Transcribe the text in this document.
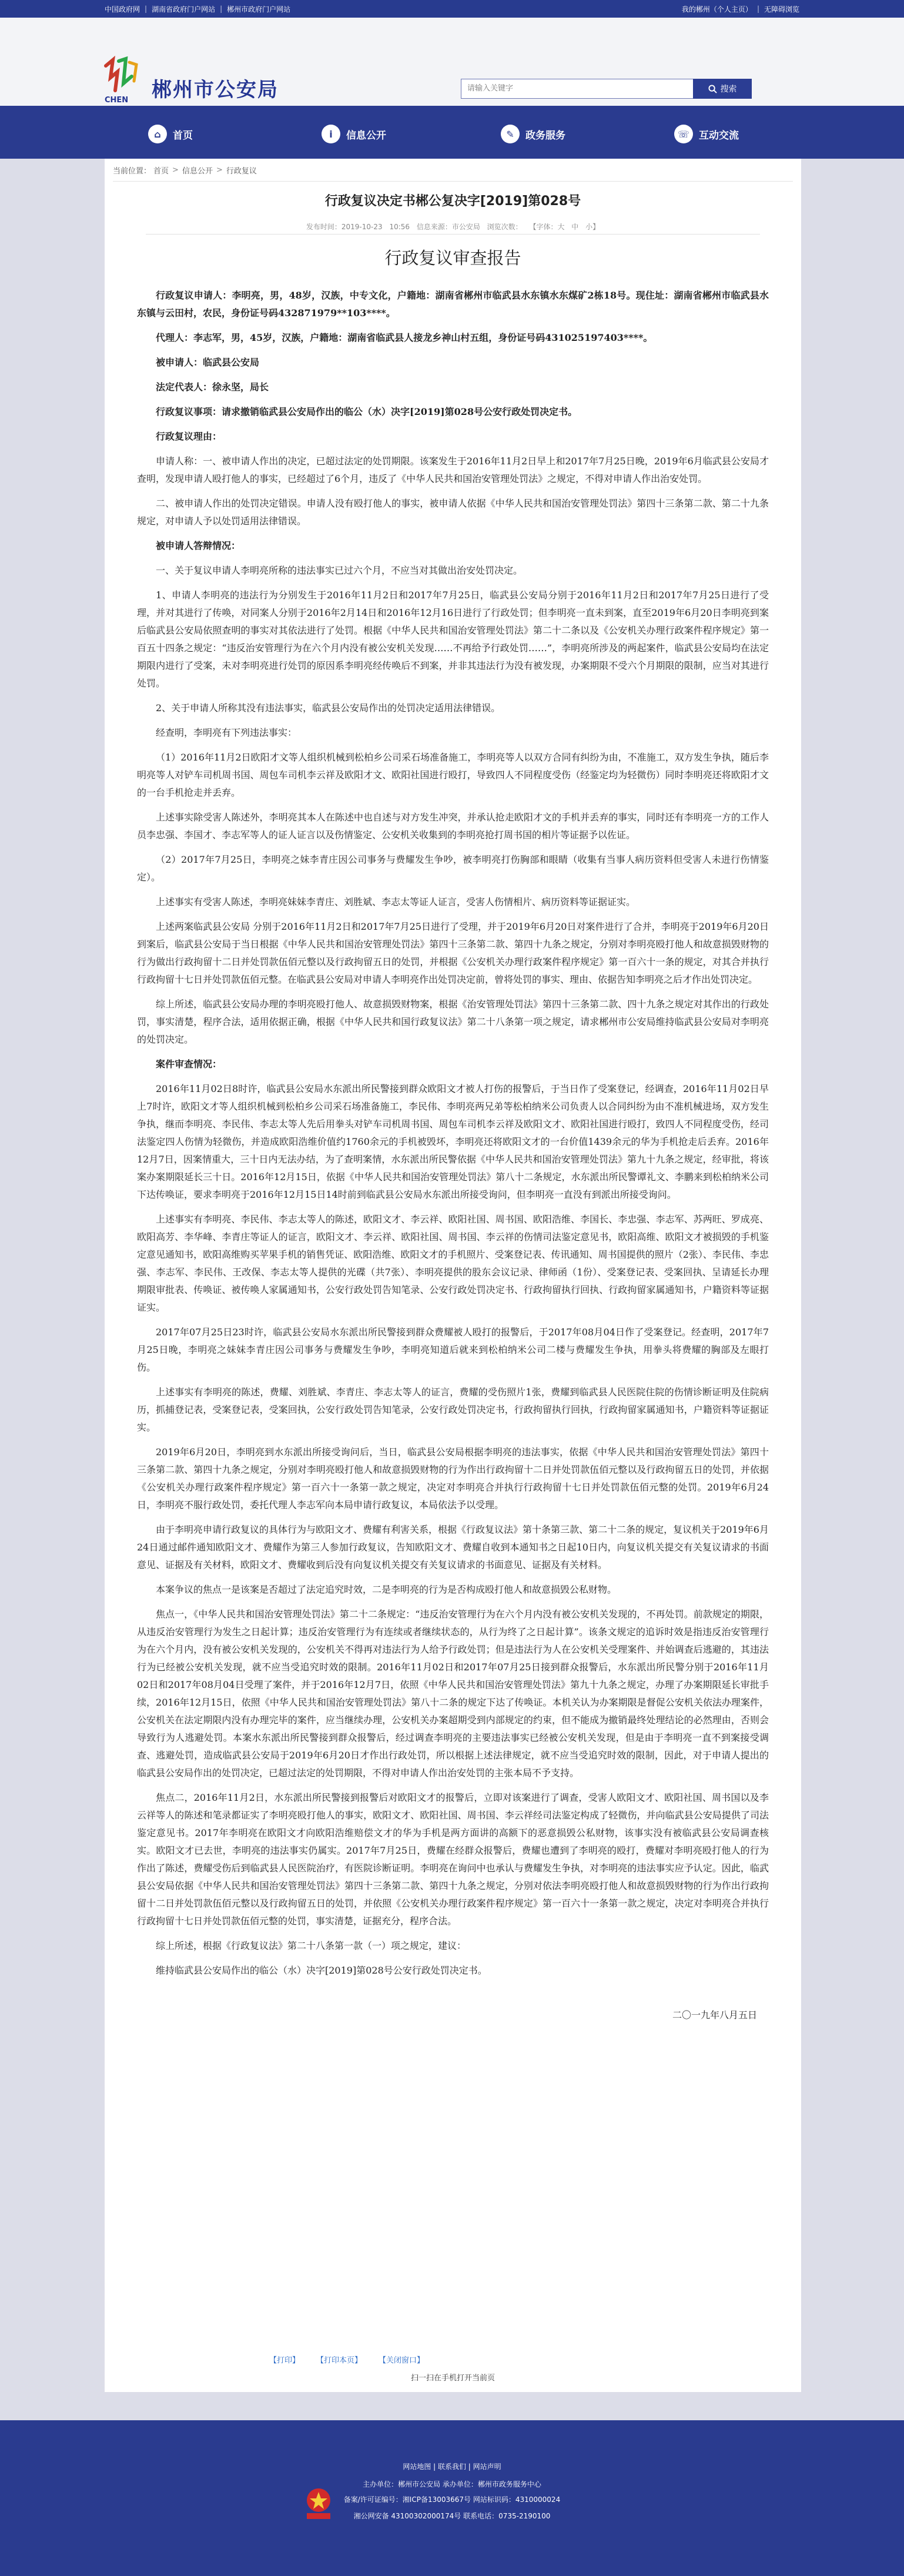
中国政府网 | 湖南省政府门户网站 | 郴州市政府门户网站	我的郴州（个人主页） | 无障碍浏览
CHEN 郴州市公安局
请输入关键字	搜索
⌂	首页	i	信息公开	✎	政务服务	☏ 互动交流
当前位置： 首页 > 信息公开 > 行政复议
行政复议决定书郴公复决字[2019]第028号
发布时间：2019-10-23 10:56 信息来源：市公安局 浏览次数： 【字体：大 中 小】
行政复议审查报告

行政复议申请人：李明亮，男，48岁，汉族，中专文化，户籍地：湖南省郴州市临武县水东镇水东煤矿2栋18号。现住址：湖南省郴州市临武县水东镇与云田村，农民，身份证号码432871979**103****。

代理人：李志军，男，45岁，汉族，户籍地：湖南省临武县人接龙乡神山村五组，身份证号码431025197403****。

被申请人：临武县公安局

法定代表人：徐永坚，局长

行政复议事项：请求撤销临武县公安局作出的临公（水）决字[2019]第028号公安行政处罚决定书。

行政复议理由：

申请人称：一、被申请人作出的决定，已超过法定的处罚期限。该案发生于2016年11月2日早上和2017年7月25日晚，2019年6月临武县公安局才查明，发现申请人殴打他人的事实，已经超过了6个月，违反了《中华人民共和国治安管理处罚法》之规定，不得对申请人作出治安处罚。

二、被申请人作出的处罚决定错误。申请人没有殴打他人的事实，被申请人依据《中华人民共和国治安管理处罚法》第四十三条第二款、第二十九条规定，对申请人予以处罚适用法律错误。

被申请人答辩情况：

一、关于复议申请人李明亮所称的违法事实已过六个月，不应当对其做出治安处罚决定。

1、申请人李明亮的违法行为分别发生于2016年11月2日和2017年7月25日，临武县公安局分别于2016年11月2日和2017年7月25日进行了受理，并对其进行了传唤，对同案人分别于2016年2月14日和2016年12月16日进行了行政处罚；但李明亮一直未到案，直至2019年6月20日李明亮到案后临武县公安局依照查明的事实对其依法进行了处罚。根据《中华人民共和国治安管理处罚法》第二十二条以及《公安机关办理行政案件程序规定》第一百五十四条之规定：“违反治安管理行为在六个月内没有被公安机关发现……不再给予行政处罚……”，李明亮所涉及的两起案件，临武县公安局均在法定期限内进行了受案，未对李明亮进行处罚的原因系李明亮经传唤后不到案，并非其违法行为没有被发现，办案期限不受六个月期限的限制，应当对其进行处罚。

2、关于申请人所称其没有违法事实，临武县公安局作出的处罚决定适用法律错误。

经查明，李明亮有下列违法事实：

（1）2016年11月2日欧阳才文等人组织机械到松柏乡公司采石场准备施工，李明亮等人以双方合同有纠纷为由，不准施工，双方发生争执，随后李明亮等人对铲车司机周书国、周包车司机李云祥及欧阳才文、欧阳社国进行殴打，导致四人不同程度受伤（经鉴定均为轻微伤）同时李明亮还将欧阳才文的一台手机抢走并丢弃。

上述事实除受害人陈述外，李明亮其本人在陈述中也自述与对方发生冲突，并承认抢走欧阳才文的手机并丢弃的事实，同时还有李明亮一方的工作人员李忠强、李国才、李志军等人的证人证言以及伤情鉴定、公安机关收集到的李明亮抢打周书国的相片等证据予以佐证。

（2）2017年7月25日，李明亮之妹李青庄因公司事务与费耀发生争吵，被李明亮打伤胸部和眼睛（收集有当事人病历资料但受害人未进行伤情鉴定）。

上述事实有受害人陈述，李明亮妹妹李青庄、刘胜斌、李志太等证人证言，受害人伤情相片、病历资料等证据证实。

上述两案临武县公安局 分别于2016年11月2日和2017年7月25日进行了受理，并于2019年6月20日对案件进行了合并，李明亮于2019年6月20日到案后，临武县公安局于当日根据《中华人民共和国治安管理处罚法》第四十三条第二款、第四十九条之规定，分别对李明亮殴打他人和故意损毁财物的行为做出行政拘留十二日并处罚款伍佰元整以及行政拘留五日的处罚，并根据《公安机关办理行政案件程序规定》第一百六十一条的规定，对其合并执行行政拘留十七日并处罚款伍佰元整。在临武县公安局对申请人李明亮作出处罚决定前，曾将处罚的事实、理由、依据告知李明亮之后才作出处罚决定。

综上所述，临武县公安局办理的李明亮殴打他人、故意损毁财物案，根据《治安管理处罚法》第四十三条第二款、四十九条之规定对其作出的行政处罚，事实清楚，程序合法，适用依据正确，根据《中华人民共和国行政复议法》第二十八条第一项之规定，请求郴州市公安局维持临武县公安局对李明亮的处罚决定。

案件审查情况：

2016年11月02日8时许，临武县公安局水东派出所民警接到群众欧阳文才被人打伤的报警后，于当日作了受案登记，经调查，2016年11月02日早上7时许，欧阳文才等人组织机械到松柏乡公司采石场准备施工，李民伟、李明亮两兄弟等松柏纳米公司负责人以合同纠纷为由不准机械进场，双方发生争执，继而李明亮、李民伟、李志太等人先后用拳头对铲车司机周书国、周包车司机李云祥及欧阳文才、欧阳社国进行殴打，致四人不同程度受伤，经司法鉴定四人伤情为轻微伤，并造成欧阳浩维价值约1760余元的手机被毁坏，李明亮还将欧阳文才的一台价值1439余元的华为手机抢走后丢弃。2016年12月7日，因案情重大，三十日内无法办结，为了查明案情，水东派出所民警依据《中华人民共和国治安管理处罚法》第九十九条之规定，经审批，将该案办案期限延长三十日。2016年12月15日，依据《中华人民共和国治安管理处罚法》第八十二条规定，水东派出所民警谭礼文、李鹏来到松柏纳米公司下达传唤证，要求李明亮于2016年12月15日14时前到临武县公安局水东派出所接受询问，但李明亮一直没有到派出所接受询问。

上述事实有李明亮、李民伟、李志太等人的陈述，欧阳文才、李云祥、欧阳社国、周书国、欧阳浩维、李国长、李忠强、李志军、苏两旺、罗成亮、欧阳高芳、李华峰、李青庄等证人的证言，欧阳文才、李云祥、欧阳社国、周书国、李云祥的伤情司法鉴定意见书，欧阳高维、欧阳文才被损毁的手机鉴定意见通知书，欧阳高维购买苹果手机的销售凭证、欧阳浩维、欧阳文才的手机照片、受案登记表、传讯通知、周书国提供的照片（2张）、李民伟、李忠强、李志军、李民伟、王改保、李志太等人提供的光碟（共7张）、李明亮提供的股东会议记录、律师函（1份）、受案登记表、受案回执、呈请延长办理期限审批表、传唤证、被传唤人家属通知书，公安行政处罚告知笔录、公安行政处罚决定书、行政拘留执行回执、行政拘留家属通知书，户籍资料等证据证实。

2017年07月25日23时许，临武县公安局水东派出所民警接到群众费耀被人殴打的报警后，于2017年08月04日作了受案登记。经查明，2017年7月25日晚，李明亮之妹妹李青庄因公司事务与费耀发生争吵，李明亮知道后就来到松柏纳米公司二楼与费耀发生争执，用拳头将费耀的胸部及左眼打伤。

上述事实有李明亮的陈述，费耀、刘胜斌、李青庄、李志太等人的证言，费耀的受伤照片1张，费耀到临武县人民医院住院的伤情诊断证明及住院病历，抓捕登记表，受案登记表，受案回执，公安行政处罚告知笔录，公安行政处罚决定书，行政拘留执行回执，行政拘留家属通知书，户籍资料等证据证实。

2019年6月20日，李明亮到水东派出所接受询问后，当日，临武县公安局根据李明亮的违法事实，依据《中华人民共和国治安管理处罚法》第四十三条第二款、第四十九条之规定，分别对李明亮殴打他人和故意损毁财物的行为作出行政拘留十二日并处罚款伍佰元整以及行政拘留五日的处罚，并依据《公安机关办理行政案件程序规定》第一百六十一条第一款之规定，决定对李明亮合并执行行政拘留十七日并处罚款伍佰元整的处罚。2019年6月24日，李明亮不服行政处罚，委托代理人李志军向本局申请行政复议，本局依法予以受理。

由于李明亮申请行政复议的具体行为与欧阳文才、费耀有利害关系，根据《行政复议法》第十条第三款、第二十二条的规定，复议机关于2019年6月24日通过邮件通知欧阳文才、费耀作为第三人参加行政复议，告知欧阳文才、费耀自收到本通知书之日起10日内，向复议机关提交有关复议请求的书面意见、证据及有关材料，欧阳文才、费耀收到后没有向复议机关提交有关复议请求的书面意见、证据及有关材料。

本案争议的焦点一是该案是否超过了法定追究时效，二是李明亮的行为是否构成殴打他人和故意损毁公私财物。

焦点一，《中华人民共和国治安管理处罚法》第二十二条规定：“违反治安管理行为在六个月内没有被公安机关发现的，不再处罚。前款规定的期限，从违反治安管理行为发生之日起计算；违反治安管理行为有连续或者继续状态的，从行为终了之日起计算”。该条文规定的追诉时效是指违反治安管理行为在六个月内，没有被公安机关发现的，公安机关不得再对违法行为人给予行政处罚；但是违法行为人在公安机关受理案件、并始调查后逃避的，其违法行为已经被公安机关发现，就不应当受追究时效的限制。2016年11月02日和2017年07月25日接到群众报警后，水东派出所民警分别于2016年11月02日和2017年08月04日受理了案件，并于2016年12月7日，依照《中华人民共和国治安管理处罚法》第九十九条之规定，办理了办案期限延长审批手续，2016年12月15日，依照《中华人民共和国治安管理处罚法》第八十二条的规定下达了传唤证。本机关认为办案期限是督促公安机关依法办理案件，公安机关在法定期限内没有办理完毕的案件，应当继续办理，公安机关办案超期受到内部规定的约束，但不能成为撤销最终处理结论的必然理由，否则会导致行为人逃避处罚。本案水东派出所民警接到群众报警后，经过调查李明亮的主要违法事实已经被公安机关发现，但是由于李明亮一直不到案接受调查、逃避处罚，造成临武县公安局于2019年6月20日才作出行政处罚，所以根据上述法律规定，就不应当受追究时效的限制，因此，对于申请人提出的临武县公安局作出的处罚决定，已超过法定的处罚期限，不得对申请人作出治安处罚的主张本局不予支持。

焦点二，2016年11月2日，水东派出所民警接到报警后对欧阳文才的报警后，立即对该案进行了调查，受害人欧阳文才、欧阳社国、周书国以及李云祥等人的陈述和笔录都证实了李明亮殴打他人的事实，欧阳文才、欧阳社国、周书国、李云祥经司法鉴定构成了轻微伤，并向临武县公安局提供了司法鉴定意见书。2017年李明亮在欧阳文才向欧阳浩维赔偿文才的华为手机是两方面讲的高额下的恶意损毁公私财物，该事实没有被临武县公安局调查核实。欧阳文才已去世，李明亮的违法事实仍属实。2017年7月25日，费耀在经群众报警后，费耀也遭到了李明亮的殴打，费耀对李明亮殴打他人的行为作出了陈述，费耀受伤后到临武县人民医院治疗，有医院诊断证明。李明亮在询问中也承认与费耀发生争执，对李明亮的违法事实应予认定。因此，临武县公安局依据《中华人民共和国治安管理处罚法》第四十三条第二款、第四十九条之规定，分别对依法李明亮殴打他人和故意损毁财物的行为作出行政拘留十二日并处罚款伍佰元整以及行政拘留五日的处罚，并依照《公安机关办理行政案件程序规定》第一百六十一条第一款之规定，决定对李明亮合并执行行政拘留十七日并处罚款伍佰元整的处罚，事实清楚，证据充分，程序合法。

综上所述，根据《行政复议法》第二十八条第一款（一）项之规定，建议：

维持临武县公安局作出的临公（水）决字[2019]第028号公安行政处罚决定书。

二〇一九年八月五日

【打印】 【打印本页】 【关闭窗口】
扫一扫在手机打开当前页
网站地图 | 联系我们 | 网站声明
主办单位：郴州市公安局 承办单位：郴州市政务服务中心
备案/许可证编号：湘ICP备13003667号 网站标识码：4310000024
湘公网安备 43100302000174号 联系电话：0735-2190100
